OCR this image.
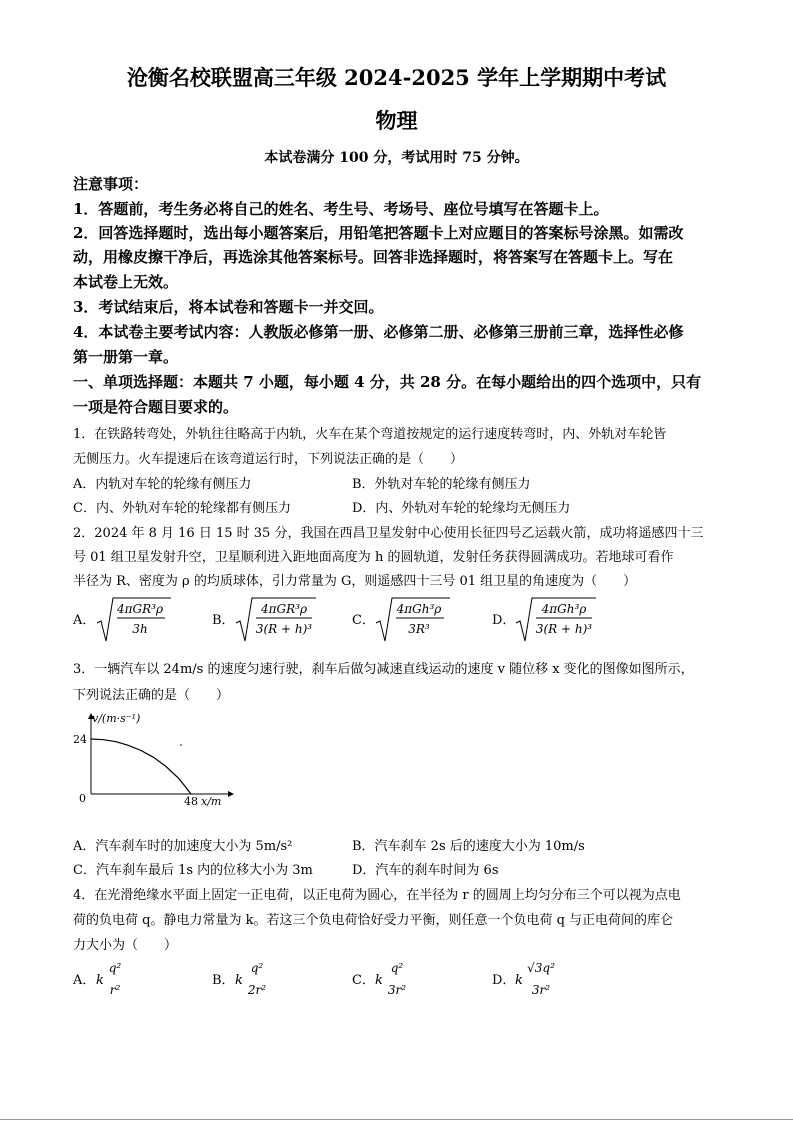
沧衡名校联盟高三年级 2024-2025 学年上学期期中考试
物理
本试卷满分 100 分，考试用时 75 分钟。
注意事项：
1．答题前，考生务必将自己的姓名、考生号、考场号、座位号填写在答题卡上。
2．回答选择题时，选出每小题答案后，用铅笔把答题卡上对应题目的答案标号涂黑。如需改
动，用橡皮擦干净后，再选涂其他答案标号。回答非选择题时，将答案写在答题卡上。写在
本试卷上无效。
3．考试结束后，将本试卷和答题卡一并交回。
4．本试卷主要考试内容：人教版必修第一册、必修第二册、必修第三册前三章，选择性必修
第一册第一章。
一、单项选择题：本题共 7 小题，每小题 4 分，共 28 分。在每小题给出的四个选项中，只有
一项是符合题目要求的。
1．在铁路转弯处，外轨往往略高于内轨，火车在某个弯道按规定的运行速度转弯时，内、外轨对车轮皆
无侧压力。火车提速后在该弯道运行时，下列说法正确的是（　　）
A．内轨对车轮的轮缘有侧压力	B．外轨对车轮的轮缘有侧压力
C．内、外轨对车轮的轮缘都有侧压力	D．内、外轨对车轮的轮缘均无侧压力
2．2024 年 8 月 16 日 15 时 35 分，我国在西昌卫星发射中心使用长征四号乙运载火箭，成功将遥感四十三
号 01 组卫星发射升空，卫星顺利进入距地面高度为 h 的圆轨道，发射任务获得圆满成功。若地球可看作
半径为 R、密度为 ρ 的均质球体，引力常量为 G，则遥感四十三号 01 组卫星的角速度为（　　）
A．
4πGR³ρ
3h
B．
4πGR³ρ
3(R + h)³
C．
4πGh³ρ
3R³
D．
4πGh³ρ
3(R + h)³
3．一辆汽车以 24m/s 的速度匀速行驶，刹车后做匀减速直线运动的速度 v 随位移 x 变化的图像如图所示，
下列说法正确的是（　　）
v/(m·s⁻¹)
x/m
0
24
48
A．汽车刹车时的加速度大小为 5m/s²	B．汽车刹车 2s 后的速度大小为 10m/s
C．汽车刹车最后 1s 内的位移大小为 3m	D．汽车的刹车时间为 6s
4．在光滑绝缘水平面上固定一正电荷，以正电荷为圆心，在半径为 r 的圆周上均匀分布三个可以视为点电
荷的负电荷 q。静电力常量为 k。若这三个负电荷恰好受力平衡，则任意一个负电荷 q 与正电荷间的库仑
力大小为（　　）
A． k
q²
r²
B． k
q²
2r²
C． k
q²
3r²
D． k
√3q²
3r²
